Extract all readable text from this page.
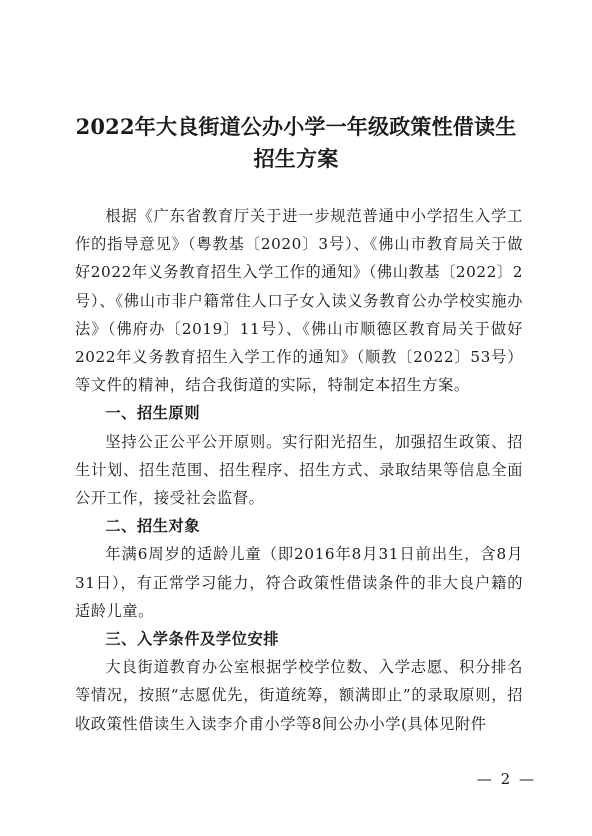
2022年大良街道公办小学一年级政策性借读生
招生方案

根据《广东省教育厅关于进一步规范普通中小学招生入学工作的指导意见》（粤教基〔2020〕3号）、《佛山市教育局关于做好2022年义务教育招生入学工作的通知》（佛山教基〔2022〕2号）、《佛山市非户籍常住人口子女入读义务教育公办学校实施办法》（佛府办〔2019〕11号）、《佛山市顺德区教育局关于做好2022年义务教育招生入学工作的通知》（顺教〔2022〕53号）等文件的精神，结合我街道的实际，特制定本招生方案。

一、招生原则

坚持公正公平公开原则。实行阳光招生，加强招生政策、招生计划、招生范围、招生程序、招生方式、录取结果等信息全面公开工作，接受社会监督。

二、招生对象

年满6周岁的适龄儿童（即2016年8月31日前出生，含8月31日），有正常学习能力，符合政策性借读条件的非大良户籍的适龄儿童。

三、入学条件及学位安排

大良街道教育办公室根据学校学位数、入学志愿、积分排名等情况，按照“志愿优先，街道统筹，额满即止”的录取原则，招收政策性借读生入读李介甫小学等8间公办小学(具体见附件

— 2 —
